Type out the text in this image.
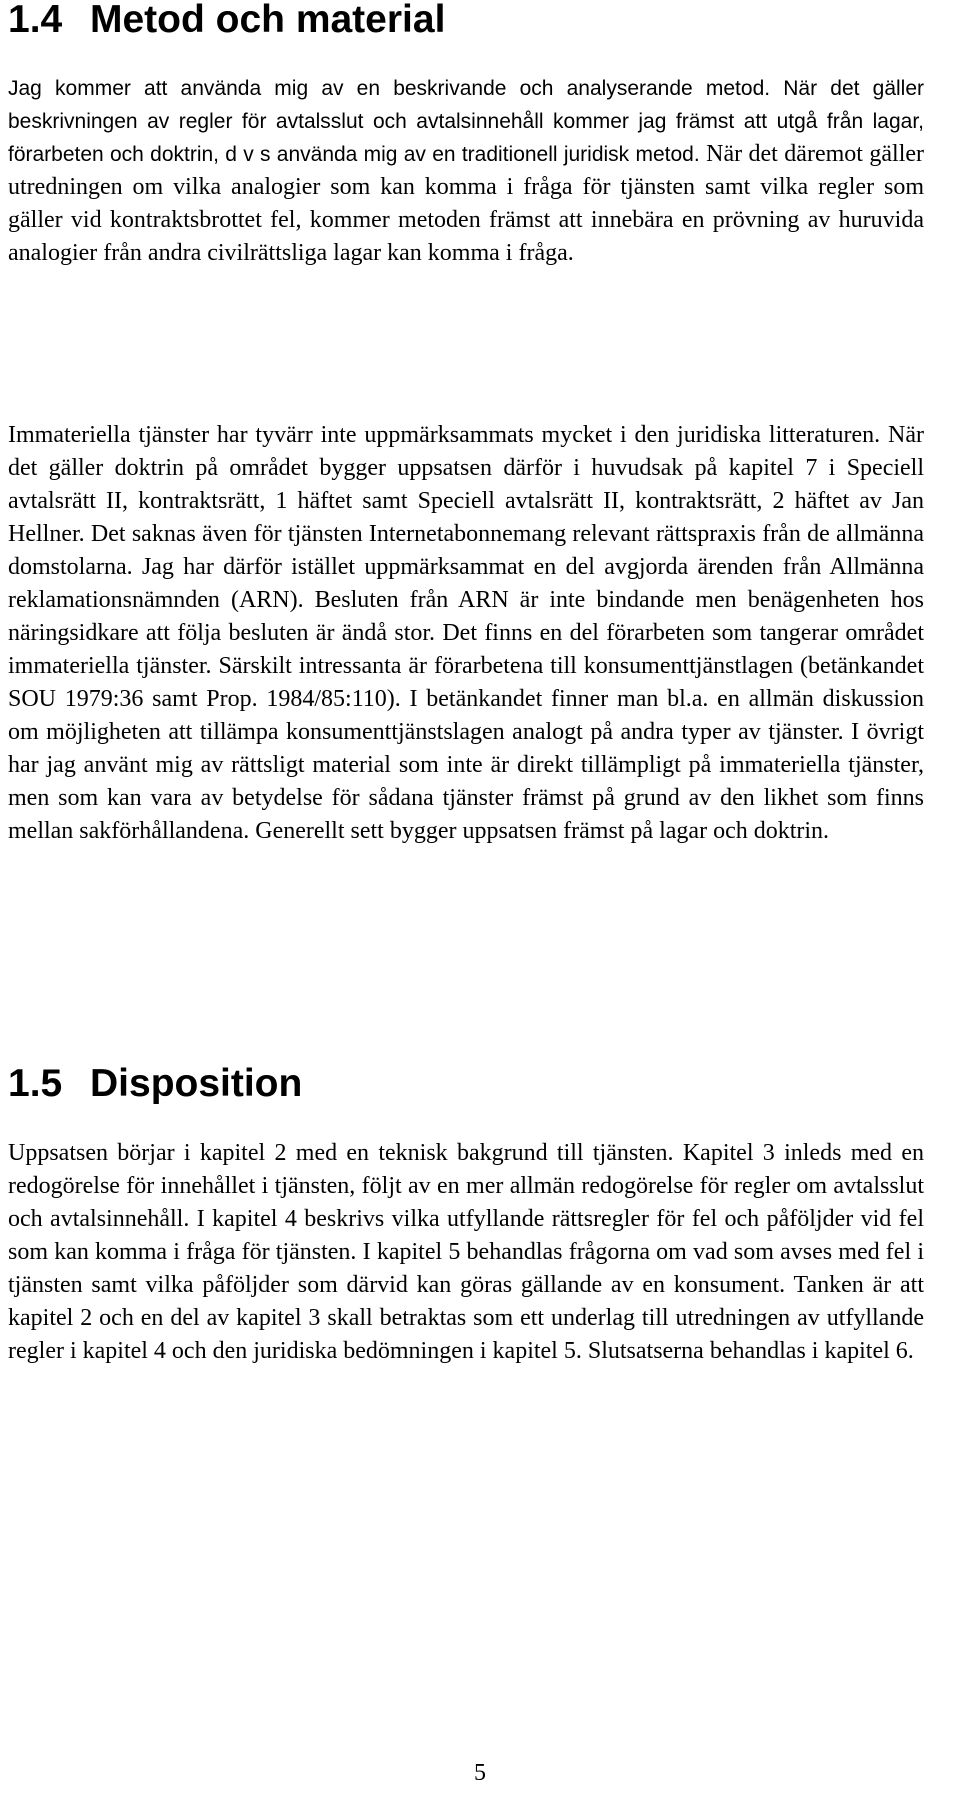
1.4 Metod och material

Jag kommer att använda mig av en beskrivande och analyserande metod. När det gäller beskrivningen av regler för avtalsslut och avtalsinnehåll kommer jag främst att utgå från lagar, förarbeten och doktrin, d v s använda mig av en traditionell juridisk metod. När det däremot gäller utredningen om vilka analogier som kan komma i fråga för tjänsten samt vilka regler som gäller vid kontraktsbrottet fel, kommer metoden främst att innebära en prövning av huruvida analogier från andra civilrättsliga lagar kan komma i fråga.

Immateriella tjänster har tyvärr inte uppmärksammats mycket i den juridiska litteraturen. När det gäller doktrin på området bygger uppsatsen därför i huvudsak på kapitel 7 i Speciell avtalsrätt II, kontraktsrätt, 1 häftet samt Speciell avtalsrätt II, kontraktsrätt, 2 häftet av Jan Hellner. Det saknas även för tjänsten Internetabonnemang relevant rättspraxis från de allmänna domstolarna. Jag har därför istället uppmärksammat en del avgjorda ärenden från Allmänna reklamationsnämnden (ARN). Besluten från ARN är inte bindande men benägenheten hos näringsidkare att följa besluten är ändå stor. Det finns en del förarbeten som tangerar området immateriella tjänster. Särskilt intressanta är förarbetena till konsumenttjänstlagen (betänkandet SOU 1979:36 samt Prop. 1984/85:110). I betänkandet finner man bl.a. en allmän diskussion om möjligheten att tillämpa konsumenttjänstslagen analogt på andra typer av tjänster. I övrigt har jag använt mig av rättsligt material som inte är direkt tillämpligt på immateriella tjänster, men som kan vara av betydelse för sådana tjänster främst på grund av den likhet som finns mellan sakförhållandena. Generellt sett bygger uppsatsen främst på lagar och doktrin.

1.5 Disposition

Uppsatsen börjar i kapitel 2 med en teknisk bakgrund till tjänsten. Kapitel 3 inleds med en redogörelse för innehållet i tjänsten, följt av en mer allmän redogörelse för regler om avtalsslut och avtalsinnehåll. I kapitel 4 beskrivs vilka utfyllande rättsregler för fel och påföljder vid fel som kan komma i fråga för tjänsten. I kapitel 5 behandlas frågorna om vad som avses med fel i tjänsten samt vilka påföljder som därvid kan göras gällande av en konsument. Tanken är att kapitel 2 och en del av kapitel 3 skall betraktas som ett underlag till utredningen av utfyllande regler i kapitel 4 och den juridiska bedömningen i kapitel 5. Slutsatserna behandlas i kapitel 6.

5
